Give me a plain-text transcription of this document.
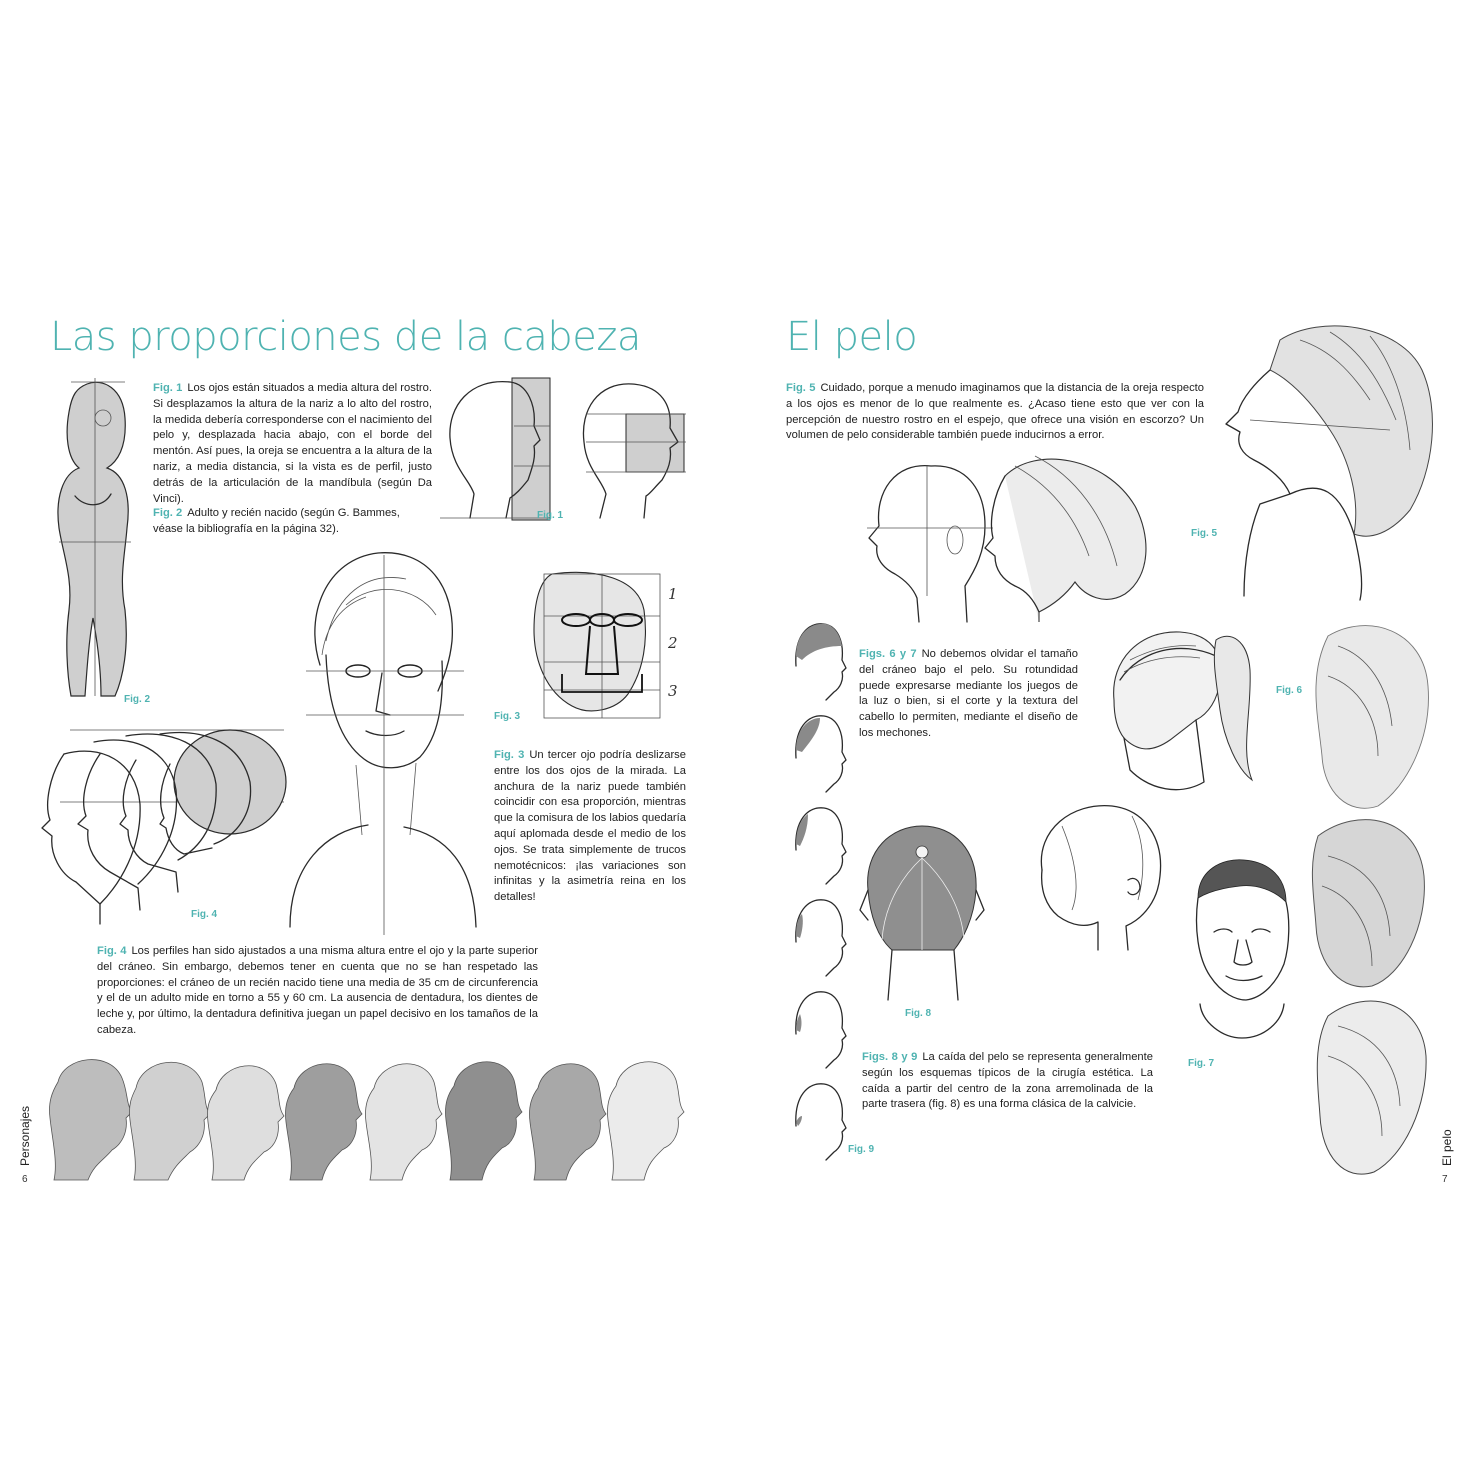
Las proporciones de la cabeza
Fig. 2
Fig. 1 Los ojos están situados a media altura del rostro. Si desplazamos la altura de la nariz a lo alto del rostro, la medida debería corresponderse con el nacimiento del pelo y, desplazada hacia abajo, con el borde del mentón. Así pues, la oreja se encuentra a la altura de la nariz, a media distancia, si la vista es de perfil, justo detrás de la articulación de la mandíbula (según Da Vinci).
Fig. 2 Adulto y recién nacido (según G. Bammes, véase la bibliografía en la página 32).
Fig. 1
1
2
3
Fig. 3
Fig. 3 Un tercer ojo podría deslizarse entre los dos ojos de la mirada. La anchura de la nariz puede también coincidir con esa proporción, mientras que la comisura de los labios quedaría aquí aplomada desde el medio de los ojos. Se trata simplemente de trucos nemotécnicos: ¡las variaciones son infinitas y la asimetría reina en los detalles!
Fig. 4
Fig. 4 Los perfiles han sido ajustados a una misma altura entre el ojo y la parte superior del cráneo. Sin embargo, debemos tener en cuenta que no se han respetado las proporciones: el cráneo de un recién nacido tiene una media de 35 cm de circunferencia y el de un adulto mide en torno a 55 y 60 cm. La ausencia de dentadura, los dientes de leche y, por último, la dentadura definitiva juegan un papel decisivo en los tamaños de la cabeza.
Personajes
6
El pelo
Fig. 5 Cuidado, porque a menudo imaginamos que la distancia de la oreja respecto a los ojos es menor de lo que realmente es. ¿Acaso tiene esto que ver con la percepción de nuestro rostro en el espejo, que ofrece una visión en escorzo? Un volumen de pelo considerable también puede inducirnos a error.
Fig. 5
Fig. 9
Figs. 6 y 7 No debemos olvidar el tamaño del cráneo bajo el pelo. Su rotundidad puede expresarse mediante los juegos de la luz o bien, si el corte y la textura del cabello lo permiten, mediante el diseño de los mechones.
Fig. 6
Fig. 8
Fig. 7
Figs. 8 y 9 La caída del pelo se representa generalmente según los esquemas típicos de la cirugía estética. La caída a partir del centro de la zona arremolinada de la parte trasera (fig. 8) es una forma clásica de la calvicie.
El pelo
7
